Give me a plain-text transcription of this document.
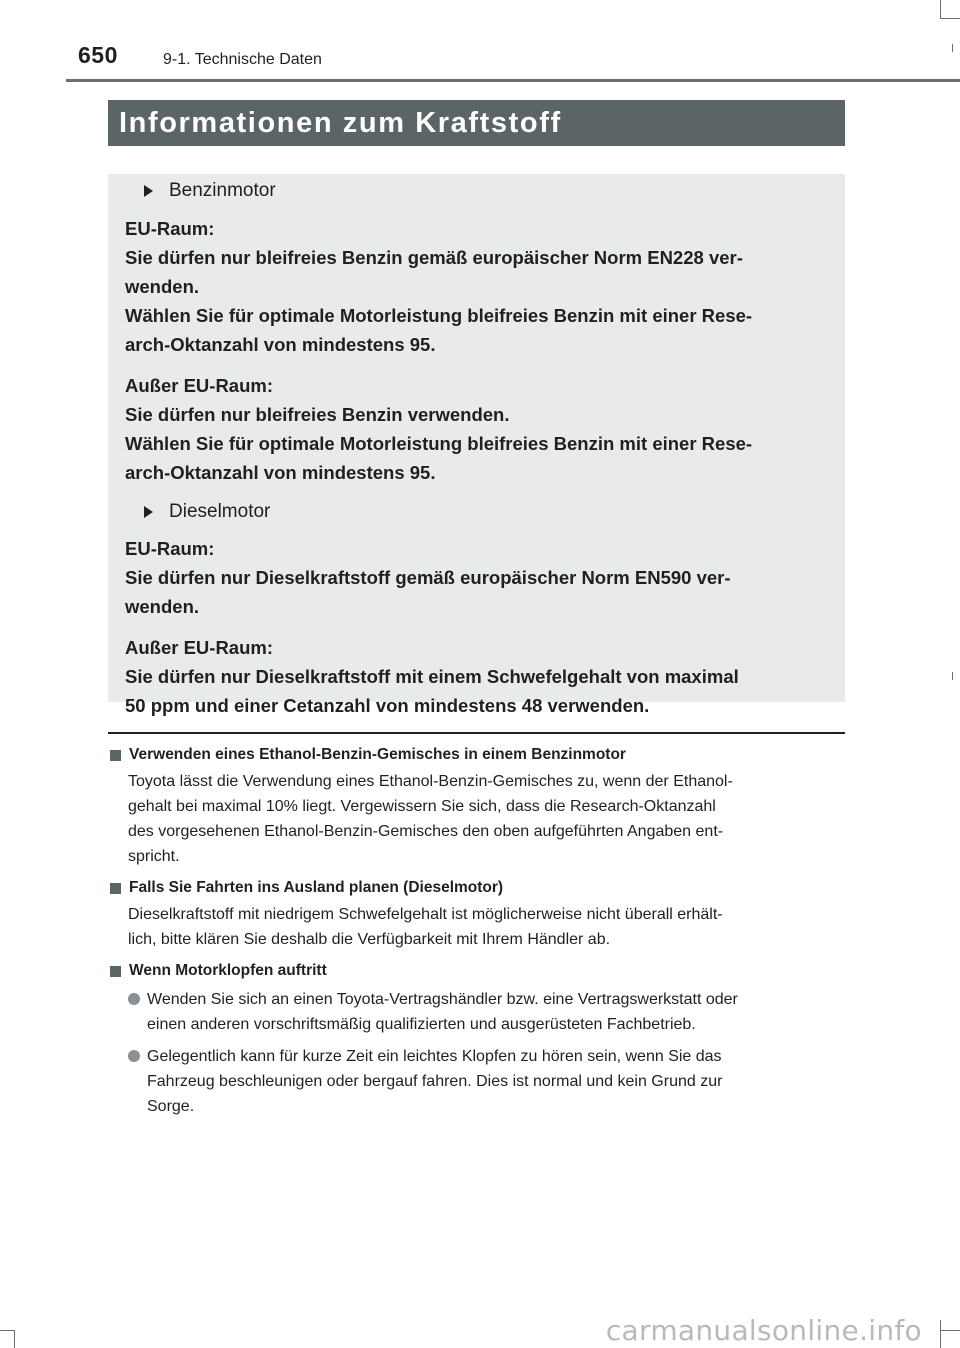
650	9-1. Technische Daten
Informationen zum Kraftstoff
Benzinmotor
EU-Raum:
Sie dürfen nur bleifreies Benzin gemäß europäischer Norm EN228 ver-
wenden.
Wählen Sie für optimale Motorleistung bleifreies Benzin mit einer Rese-
arch-Oktanzahl von mindestens 95.
Außer EU-Raum:
Sie dürfen nur bleifreies Benzin verwenden.
Wählen Sie für optimale Motorleistung bleifreies Benzin mit einer Rese-
arch-Oktanzahl von mindestens 95.
Dieselmotor
EU-Raum:
Sie dürfen nur Dieselkraftstoff gemäß europäischer Norm EN590 ver-
wenden.
Außer EU-Raum:
Sie dürfen nur Dieselkraftstoff mit einem Schwefelgehalt von maximal
50 ppm und einer Cetanzahl von mindestens 48 verwenden.
Verwenden eines Ethanol-Benzin-Gemisches in einem Benzinmotor
Toyota lässt die Verwendung eines Ethanol-Benzin-Gemisches zu, wenn der Ethanol-
gehalt bei maximal 10% liegt. Vergewissern Sie sich, dass die Research-Oktanzahl
des vorgesehenen Ethanol-Benzin-Gemisches den oben aufgeführten Angaben ent-
spricht.
Falls Sie Fahrten ins Ausland planen (Dieselmotor)
Dieselkraftstoff mit niedrigem Schwefelgehalt ist möglicherweise nicht überall erhält-
lich, bitte klären Sie deshalb die Verfügbarkeit mit Ihrem Händler ab.
Wenn Motorklopfen auftritt
Wenden Sie sich an einen Toyota-Vertragshändler bzw. eine Vertragswerkstatt oder
einen anderen vorschriftsmäßig qualifizierten und ausgerüsteten Fachbetrieb.
Gelegentlich kann für kurze Zeit ein leichtes Klopfen zu hören sein, wenn Sie das
Fahrzeug beschleunigen oder bergauf fahren. Dies ist normal und kein Grund zur
Sorge.
carmanualsonline.info
